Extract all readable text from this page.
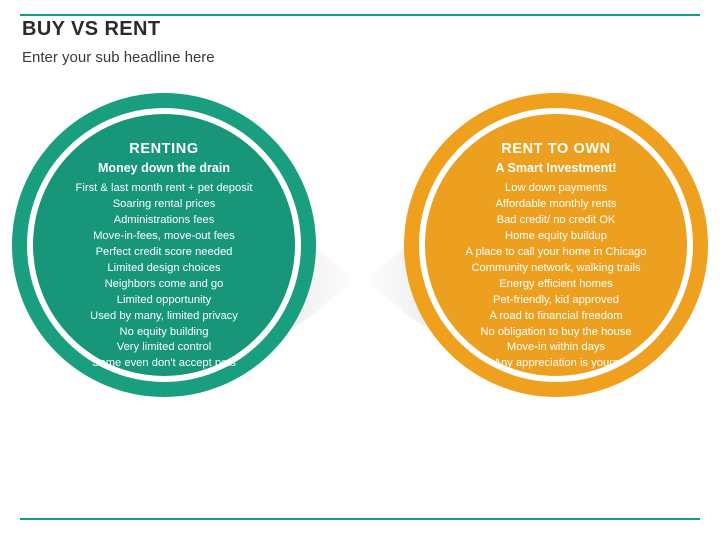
BUY VS RENT
Enter your sub headline here
RENTING
Money down the drain
First & last month rent + pet deposit
Soaring rental prices
Administrations fees
Move-in-fees, move-out fees
Perfect credit score needed
Limited design choices
Neighbors come and go
Limited opportunity
Used by many, limited privacy
No equity building
Very limited control
Some even don't accept pets
RENT TO OWN
A Smart Investment!
Low down payments
Affordable monthly rents
Bad credit/ no credit OK
Home equity buildup
A place to call your home in Chicago
Community network, walking trails
Energy efficient homes
Pet-friendly, kid approved
A road to financial freedom
No obligation to buy the house
Move-in within days
Any appreciation is yours
